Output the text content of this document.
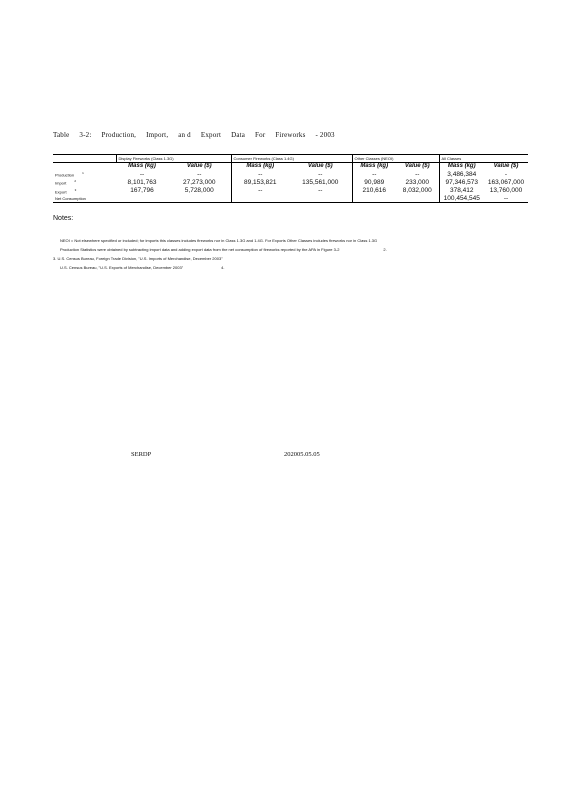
Table 3-2: Production, Import, an d Export Data For Fireworks - 2003
	Display Fireworks (Class 1.3G)		Consumer Fireworks (Class 1.4G)		Other Classes (NEOI)		All Classes	
	Mass (kg)	Value ($)	Mass (kg)	Value ($)	Mass (kg)	Value ($)	Mass (kg)	Value ($)
Production $^1$	--	--	--	--	--	--	3,486,384	-
Import $^2$	8,101,763	27,273,000	89,153,821	135,561,000	90,989	233,000	97,346,573	163,067,000
Export $^3$	167,796	5,728,000	--	--	210,616	8,032,000	378,412	13,760,000
Net Consumption							100,454,545	--
Notes:
NEOI = Not elsewhere specified or included; for imports this classes includes fireworks nor in Class 1.3G and 1.4G. For Exports Other Classes includes fireworks nor in Class 1.3G
Production Statistics were obtained by subtracting import data and adding export data from the net consumption of fireworks reported by the APA in Figure 3-2	2.
3. U.S. Census Bureau, Foreign Trade Division, "U.S. Imports of Merchandise, December 2003"
U.S. Census Bureau, "U.S. Exports of Merchandise, December 2003"	4.
SERDP	202005.05.05
